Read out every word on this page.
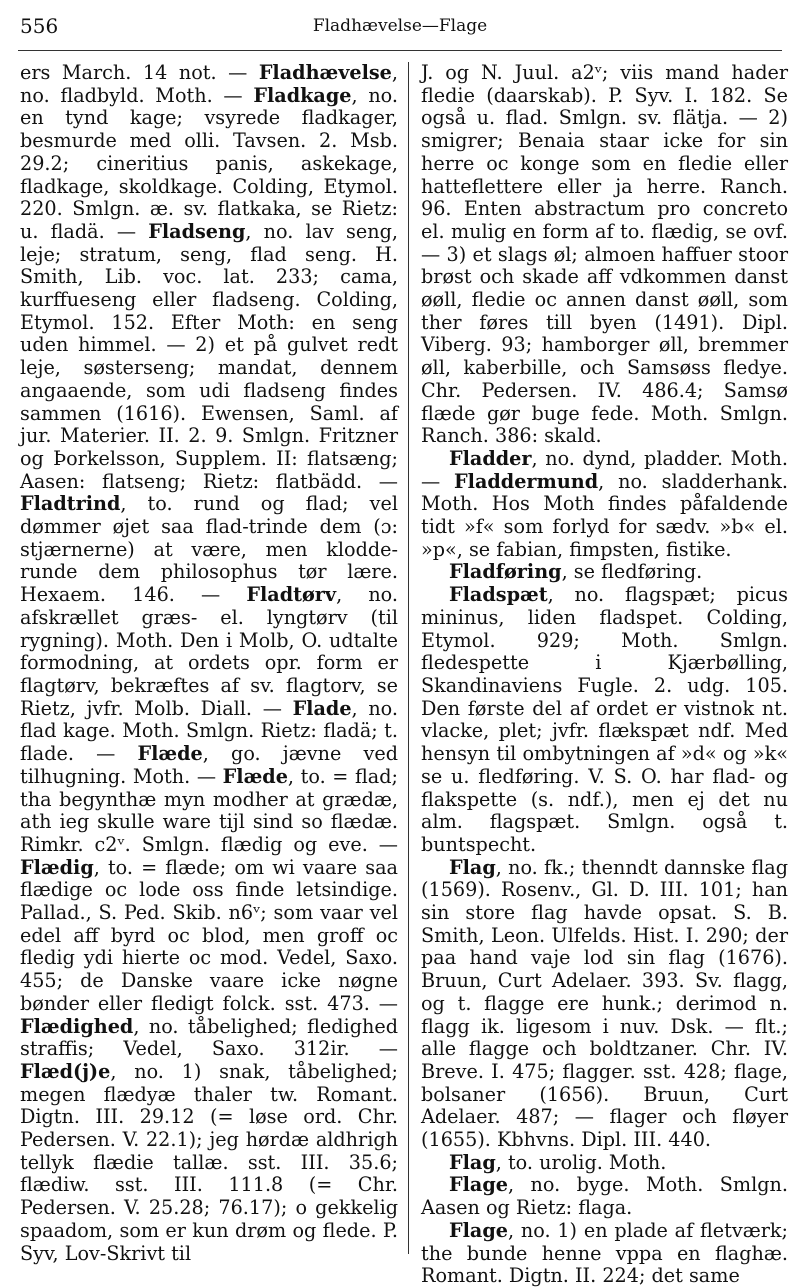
556	Fladhævelse—Flage

ers March. 14 not. — Fladhævelse, no. fladbyld. Moth. — Fladkage, no. en tynd kage; vsyrede fladkager, besmurde med olli. Tavsen. 2. Msb. 29.2; cineritius panis, askekage, fladkage, skoldkage. Colding, Etymol. 220. Smlgn. æ. sv. flatkaka, se Rietz: u. fladä. — Fladseng, no. lav seng, leje; stratum, seng, flad seng. H. Smith, Lib. voc. lat. 233; cama, kurffueseng eller fladseng. Colding, Etymol. 152. Efter Moth: en seng uden himmel. — 2) et på gulvet redt leje, søsterseng; mandat, dennem angaaende, som udi fladseng findes sammen (1616). Ewensen, Saml. af jur. Materier. II. 2. 9. Smlgn. Fritzner og Þorkelsson, Supplem. II: flatsæng; Aasen: flatseng; Rietz: flatbädd. — Fladtrind, to. rund og flad; vel dømmer øjet saa flad-trinde dem (ɔ: stjærnerne) at være, men klodde-runde dem philosophus tør lære. Hexaem. 146. — Fladtørv, no. afskrællet græs- el. lyngtørv (til rygning). Moth. Den i Molb, O. udtalte formodning, at ordets opr. form er flagtørv, bekræftes af sv. flagtorv, se Rietz, jvfr. Molb. Diall. — Flade, no. flad kage. Moth. Smlgn. Rietz: fladä; t. flade. — Flæde, go. jævne ved tilhugning. Moth. — Flæde, to. = flad; tha begynthæ myn modher at grædæ, ath ieg skulle ware tijl sind so flædæ. Rimkr. c2ᵛ. Smlgn. flædig og eve. — Flædig, to. = flæde; om wi vaare saa flædige oc lode oss finde letsindige. Pallad., S. Ped. Skib. n6ᵛ; som vaar vel edel aff byrd oc blod, men groff oc fledig ydi hierte oc mod. Vedel, Saxo. 455; de Danske vaare icke nøgne bønder eller fledigt folck. sst. 473. — Flædighed, no. tåbelighed; fledighed straffis; Vedel, Saxo. 312ir. — Flæd(j)e, no. 1) snak, tåbelighed; megen flædyæ thaler tw. Romant. Digtn. III. 29.12 (= løse ord. Chr. Pedersen. V. 22.1); jeg hørdæ aldhrigh tellyk flædie tallæ. sst. III. 35.6; flædiw. sst. III. 111.8 (= Chr. Pedersen. V. 25.28; 76.17); o gekkelig spaadom, som er kun drøm og flede. P. Syv, Lov-Skrivt til

J. og N. Juul. a2ᵛ; viis mand hader fledie (daarskab). P. Syv. I. 182. Se også u. flad. Smlgn. sv. flätja. — 2) smigrer; Benaia staar icke for sin herre oc konge som en fledie eller hatteflettere eller ja herre. Ranch. 96. Enten abstractum pro concreto el. mulig en form af to. flædig, se ovf. — 3) et slags øl; almoen haffuer stoor brøst och skade aff vdkommen danst øøll, fledie oc annen danst øøll, som ther føres till byen (1491). Dipl. Viberg. 93; hamborger øll, bremmer øll, kaberbille, och Samsøss fledye. Chr. Pedersen. IV. 486.4; Samsø flæde gør buge fede. Moth. Smlgn. Ranch. 386: skald.

Fladder, no. dynd, pladder. Moth. — Fladdermund, no. sladderhank. Moth. Hos Moth findes påfaldende tidt »f« som forlyd for sædv. »b« el. »p«, se fabian, fimpsten, fistike.

Fladføring, se fledføring.

Fladspæt, no. flagspæt; picus mininus, liden fladspet. Colding, Etymol. 929; Moth. Smlgn. fledespette i Kjærbølling, Skandinaviens Fugle. 2. udg. 105. Den første del af ordet er vistnok nt. vlacke, plet; jvfr. flækspæt ndf. Med hensyn til ombytningen af »d« og »k« se u. fledføring. V. S. O. har flad- og flakspette (s. ndf.), men ej det nu alm. flagspæt. Smlgn. også t. buntspecht.

Flag, no. fk.; thenndt dannske flag (1569). Rosenv., Gl. D. III. 101; han sin store flag havde opsat. S. B. Smith, Leon. Ulfelds. Hist. I. 290; der paa hand vaje lod sin flag (1676). Bruun, Curt Adelaer. 393. Sv. flagg, og t. flagge ere hunk.; derimod n. flagg ik. ligesom i nuv. Dsk. — flt.; alle flagge och boldtzaner. Chr. IV. Breve. I. 475; flagger. sst. 428; flage, bolsaner (1656). Bruun, Curt Adelaer. 487; — flager och fløyer (1655). Kbhvns. Dipl. III. 440.

Flag, to. urolig. Moth.

Flage, no. byge. Moth. Smlgn. Aasen og Rietz: flaga.

Flage, no. 1) en plade af fletværk; the bunde henne vppa en flaghæ. Romant. Digtn. II. 224; det same
